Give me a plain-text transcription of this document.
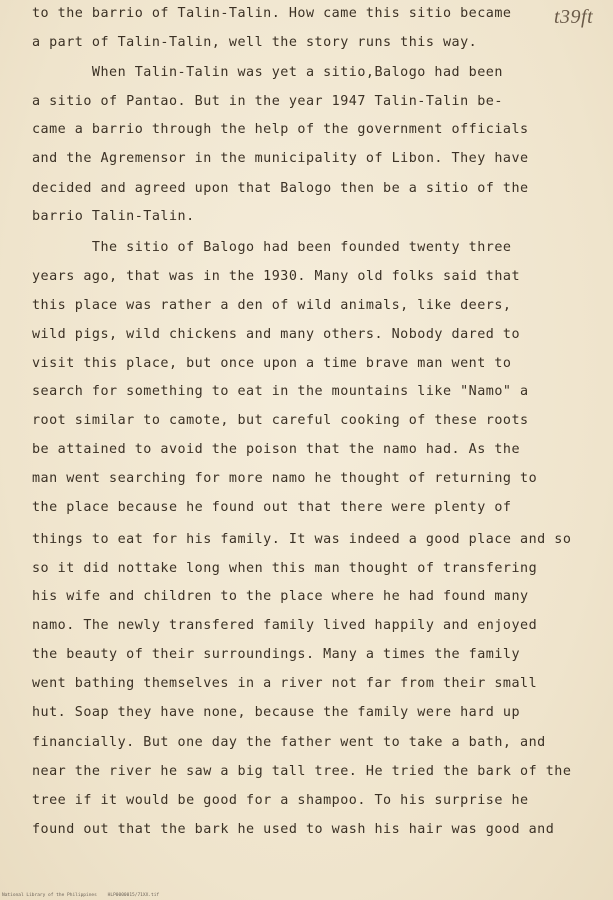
t39ft
to the barrio of Talin-Talin. How came this sitio became
a part of Talin-Talin, well the story runs this way.
When Talin-Talin was yet a sitio,Balogo had been
a sitio of Pantao. But in the year 1947 Talin-Talin be-
came a barrio through the help of the government officials
and the Agremensor in the municipality of Libon. They have
decided and agreed upon that Balogo then be a sitio of the
barrio Talin-Talin.
The sitio of Balogo had been founded twenty three
years ago, that was in the 1930. Many old folks said that
this place was rather a den of wild animals, like deers,
wild pigs, wild chickens and many others. Nobody dared to
visit this place, but once upon a time brave man went to
search for something to eat in the mountains like "Namo" a
root similar to camote, but careful cooking of these roots
be attained to avoid the poison that the namo had. As the
man went searching for more namo he thought of returning to
the place because he found out that there were plenty of
things to eat for his family. It was indeed a good place and so
so it did nottake long when this man thought of transfering
his wife and children to the place where he had found many
namo. The newly transfered family lived happily and enjoyed
the beauty of their surroundings. Many a times the family
went bathing themselves in a river not far from their small
hut. Soap they have none, because the family were hard up
financially. But one day the father went to take a bath, and
near the river he saw a big tall tree. He tried the bark of the
tree if it would be good for a shampoo. To his surprise he
found out that the bark he used to wash his hair was good and
National Library of the Philippines    HLP0000015/71XX.tif
